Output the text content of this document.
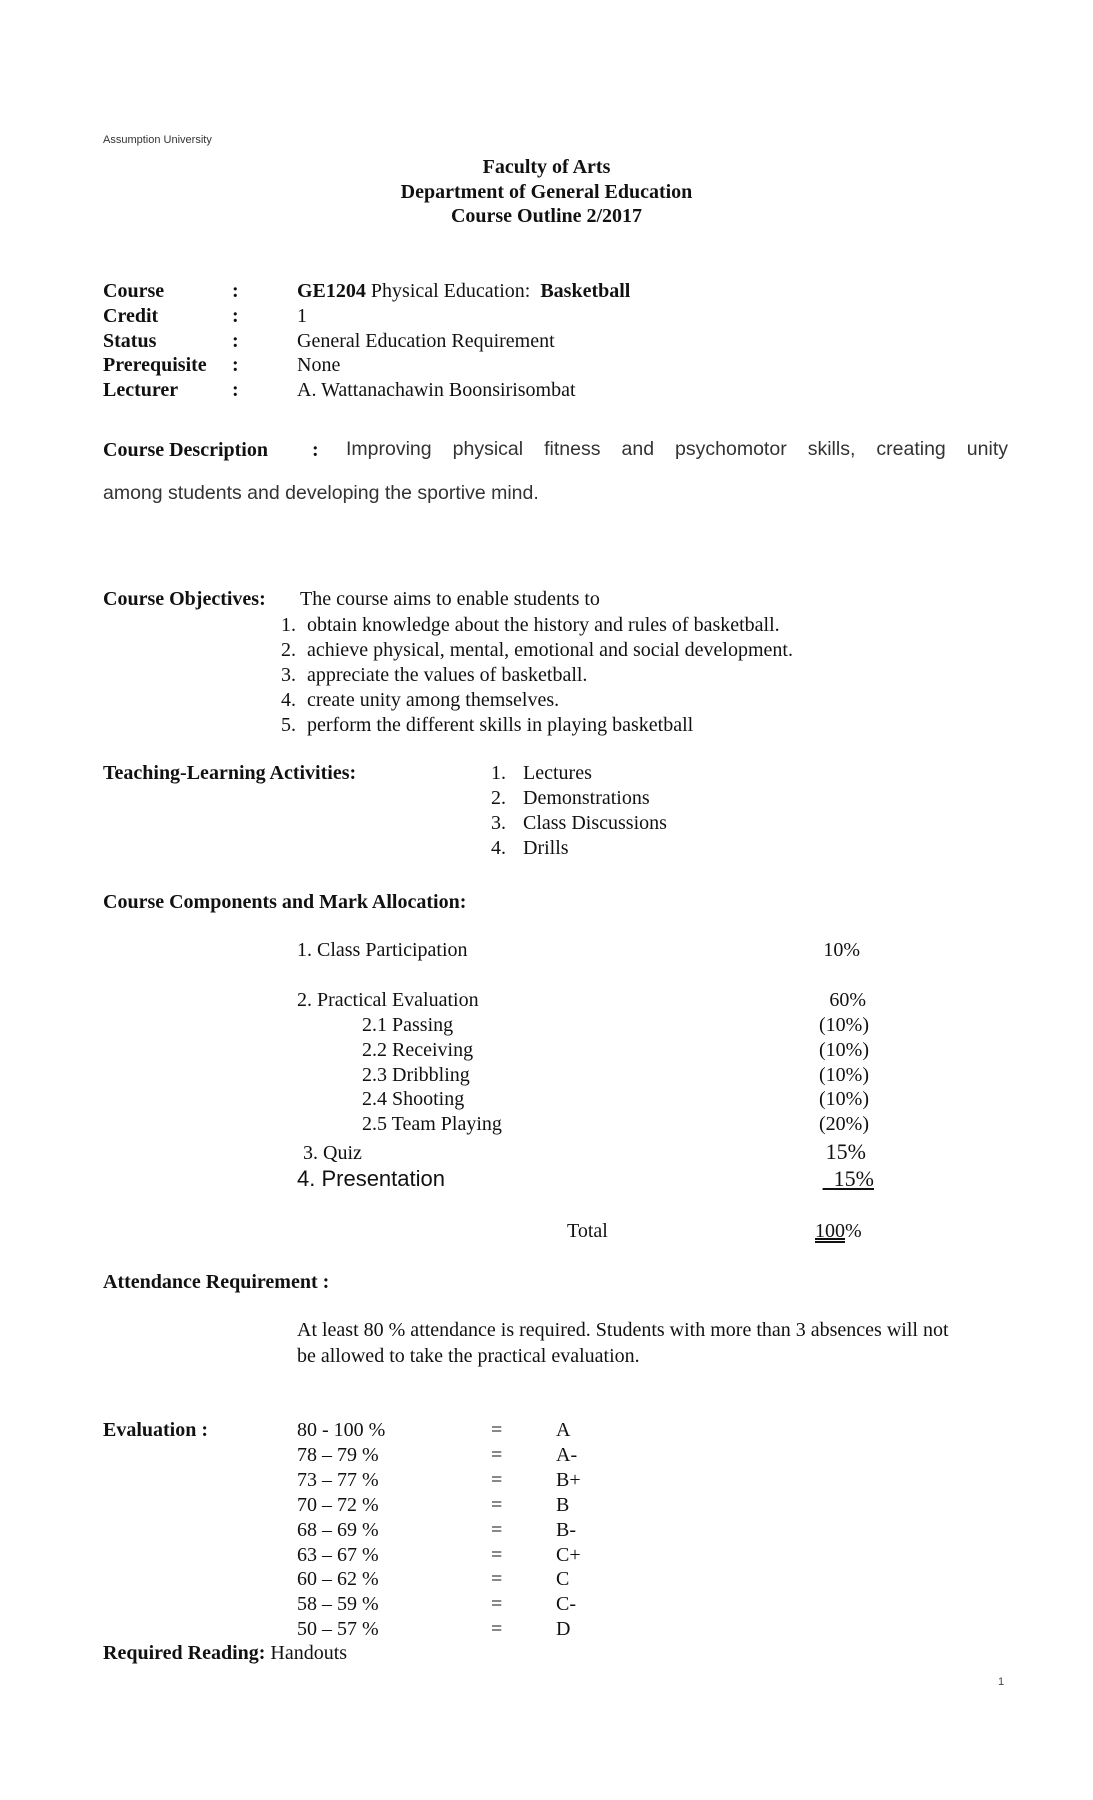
Assumption University
Faculty of Arts
Department of General Education
Course Outline 2/2017
Course	:	GE1204 Physical Education:  Basketball
Credit	:	1
Status	:	General Education Requirement
Prerequisite :	None
Lecturer	:	A. Wattanachawin Boonsirisombat
Course Description : Improving physical fitness and psychomotor skills, creating unity
among students and developing the sportive mind.
Course Objectives: The course aims to enable students to
1. obtain knowledge about the history and rules of basketball.
2. achieve physical, mental, emotional and social development.
3. appreciate the values of basketball.
4. create unity among themselves.
5. perform the different skills in playing basketball
Teaching-Learning Activities:	1. Lectures
2. Demonstrations
3. Class Discussions
4. Drills
Course Components and Mark Allocation:
1. Class Participation	10%
2. Practical Evaluation	60%
2.1 Passing	(10%)
2.2 Receiving	(10%)
2.3 Dribbling	(10%)
2.4 Shooting	(10%)
2.5 Team Playing	(20%)
3. Quiz	15%
4. Presentation	15%
Total	100%
Attendance Requirement :
At least 80 % attendance is required. Students with more than 3 absences will not
be allowed to take the practical evaluation.
Evaluation :	80 - 100 %	=	A
78 – 79 %	=	A-
73 – 77 %	=	B+
70 – 72 %	=	B
68 – 69 %	=	B-
63 – 67 %	=	C+
60 – 62 %	=	C
58 – 59 %	=	C-
50 – 57 %	=	D
Required Reading: Handouts
1
